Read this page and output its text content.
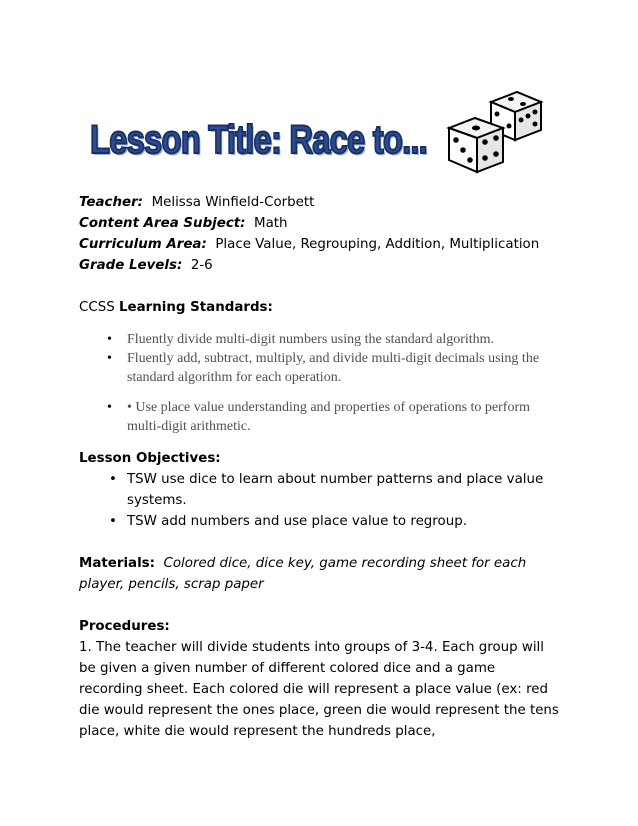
Lesson Title: Race to...
Teacher: Melissa Winfield-Corbett
Content Area Subject: Math
Curriculum Area: Place Value, Regrouping, Addition, Multiplication
Grade Levels: 2-6
CCSS Learning Standards:
• Fluently divide multi-digit numbers using the standard algorithm.
• Fluently add, subtract, multiply, and divide multi-digit decimals using the standard algorithm for each operation.
• • Use place value understanding and properties of operations to perform multi-digit arithmetic.
Lesson Objectives:
• TSW use dice to learn about number patterns and place value systems.
• TSW add numbers and use place value to regroup.
Materials: Colored dice, dice key, game recording sheet for each player, pencils, scrap paper
Procedures:
1. The teacher will divide students into groups of 3-4. Each group will be given a given number of different colored dice and a game recording sheet. Each colored die will represent a place value (ex: red die would represent the ones place, green die would represent the tens place, white die would represent the hundreds place,
